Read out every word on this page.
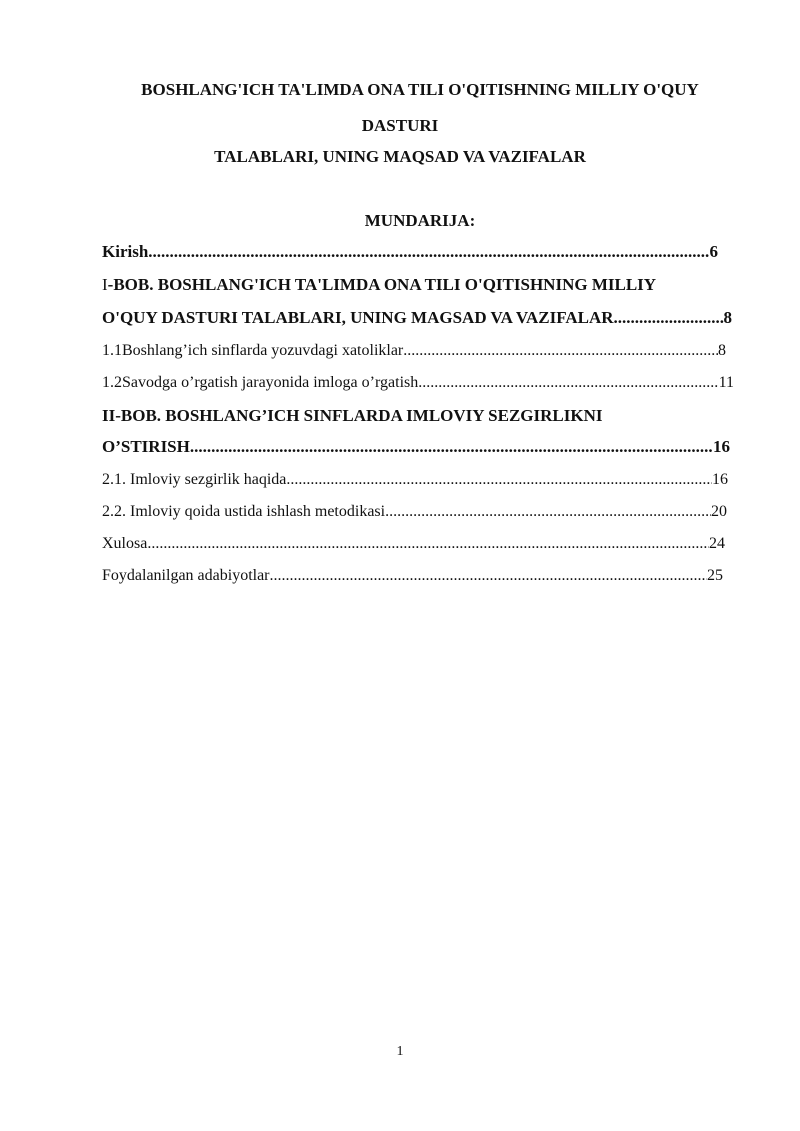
BOSHLANG'ICH TA'LIMDA ONA TILI O'QITISHNING MILLIY O'QUY
DASTURI
TALABLARI, UNING MAQSAD VA VAZIFALAR
MUNDARIJA:
Kirish .....	6
I-BOB. BOSHLANG'ICH TA'LIMDA ONA TILI O'QITISHNING MILLIY
O'QUY DASTURI TALABLARI, UNING MAGSAD VA VAZIFALAR .....	8
1.1Boshlang’ich sinflarda yozuvdagi xatoliklar .....	8
1.2Savodga o’rgatish jarayonida imloga o’rgatish .....	11
II-BOB. BOSHLANG’ICH SINFLARDA IMLOVIY SEZGIRLIKNI
O’STIRISH .....	16
2.1. Imloviy sezgirlik haqida .....	16
2.2. Imloviy qoida ustida ishlash metodikasi .....	20
Xulosa .....	24
Foydalanilgan adabiyotlar .....	25
1
